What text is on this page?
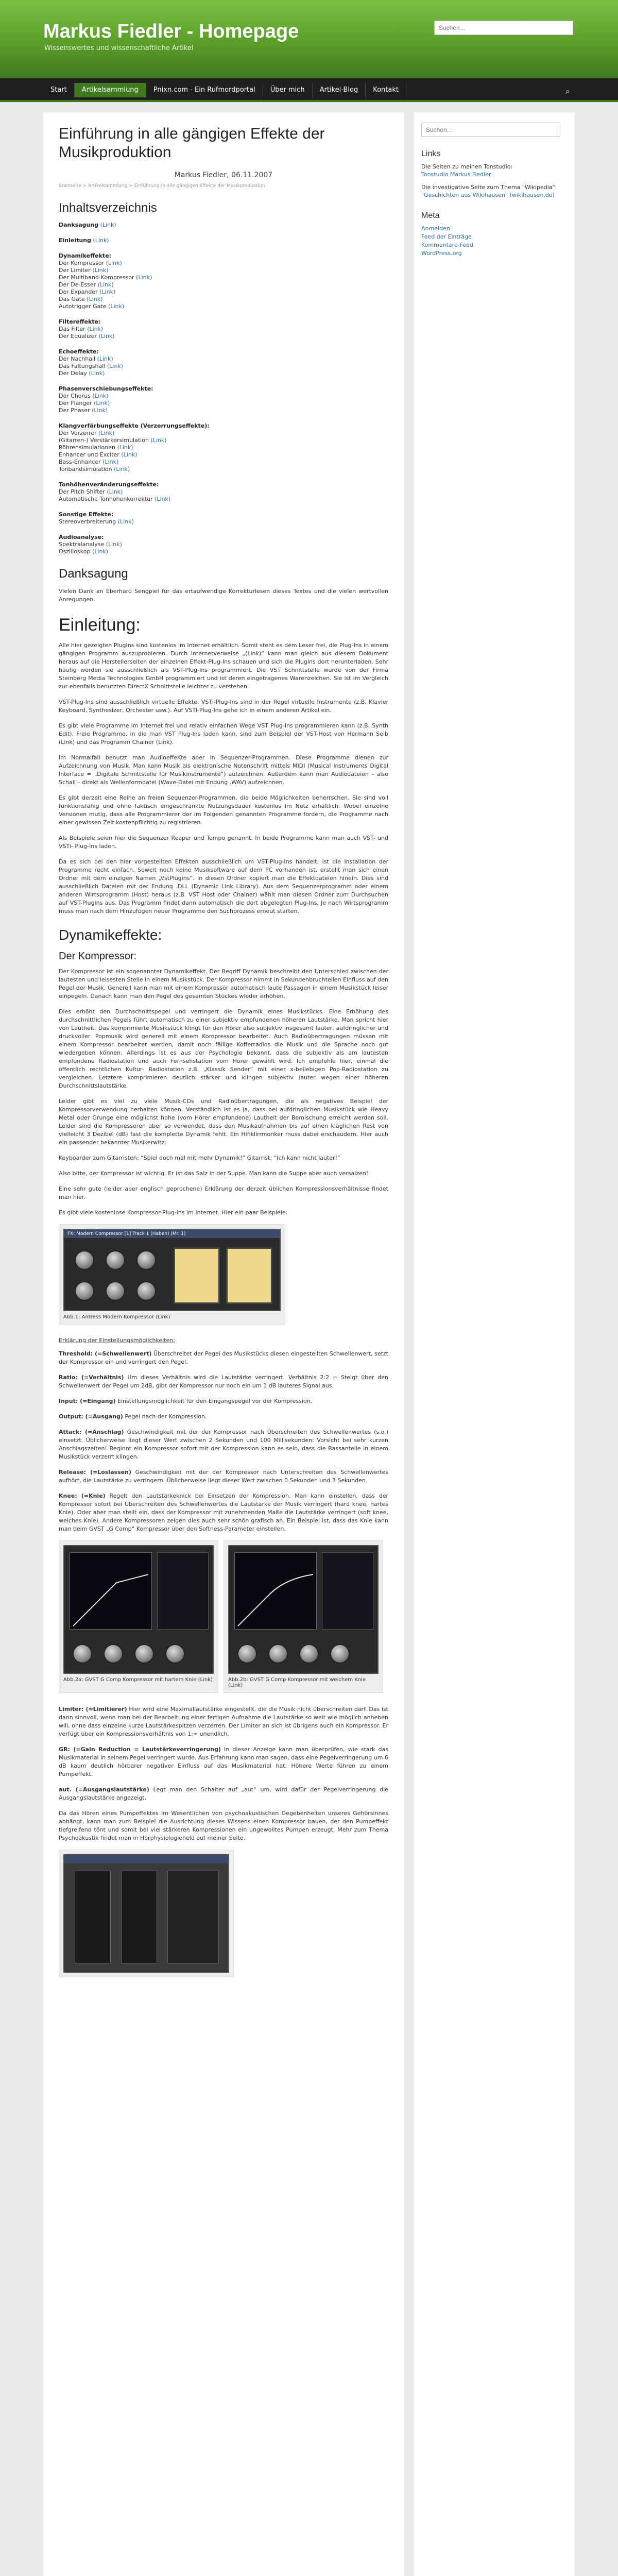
Markus Fiedler - Homepage
Wissenswertes und wissenschaftliche Artikel
Suchen…
Start	Artikelsammlung	Pnixn.com - Ein Rufmordportal	Über mich	Artikel-Blog	Kontakt	⌕
Einführung in alle gängigen Effekte der Musikproduktion
Markus Fiedler, 06.11.2007
Startseite > Artikelsammlung > Einführung in alle gängigen Effekte der Musikproduktion
Inhaltsverzeichnis
Danksagung (Link)
Einleitung (Link)
Dynamikeffekte:
Der Kompressor (Link)
Der Limiter (Link)
Der Multiband-Kompressor (Link)
Der De-Esser (Link)
Der Expander (Link)
Das Gate (Link)
Autotrigger Gate (Link)
Filtereffekte:
Das Filter (Link)
Der Equalizer (Link)
Echoeffekte:
Der Nachhall (Link)
Das Faltungshall (Link)
Der Delay (Link)
Phasenverschiebungseffekte:
Der Chorus (Link)
Der Flanger (Link)
Der Phaser (Link)
Klangverfärbungseffekte (Verzerrungseffekte):
Der Verzerrer (Link)
(Gitarren-) Verstärkersimulation (Link)
Röhrensimulationen (Link)
Enhancer und Exciter (Link)
Bass-Enhancer (Link)
Tonbandsimulation (Link)
Tonhöhenveränderungseffekte:
Der Pitch Shifter (Link)
Automatische Tonhöhenkorrektur (Link)
Sonstige Effekte:
Stereoverbreiterung (Link)
Audioanalyse:
Spektralanalyse (Link)
Oszilloskop (Link)
Danksagung

Vielen Dank an Eberhard Sengpiel für das ertaufwendige Korrekturlesen dieses Textes und die vielen wertvollen Anregungen.

Einleitung:

Alle hier gezeigten PlugIns sind kostenlos im Internet erhältlich. Somit steht es dem Leser frei, die Plug-Ins in einem gängigen Programm auszuprobieren. Durch Internetverweise „(Link)“ kann man gleich aus diesem Dokument heraus auf die Herstellerseiten der einzelnen Effekt-Plug-Ins schauen und sich die Plugins dort herunterladen. Sehr häufig werden sie ausschließlich als VST-Plug-Ins programmiert. Die VST Schnittstelle wurde von der Firma Steinberg Media Technologies GmbH programmiert und ist deren eingetragenes Warenzeichen. Sie ist im Vergleich zur ebenfalls benutzten DirectX Schnittstelle leichter zu verstehen.

VST-Plug-Ins sind ausschließlich virtuelle Effekte. VSTi-Plug-Ins sind in der Regel virtuelle Instrumente (z.B. Klavier Keyboard, Synthesizer, Orchester usw.). Auf VSTi-Plug-Ins gehe ich in einem anderen Artikel ein.

Es gibt viele Programme im Internet frei und relativ einfachen Wege VST Plug-Ins programmieren kann (z.B. Synth Edit). Freie Programme, in die man VST Plug-Ins laden kann, sind zum Beispiel der VST-Host von Hermann Seib (Link) und das Programm Chainer (Link).

Im Normalfall benutzt man AudioeffeKte aber in Sequenzer-Programmen. Diese Programme dienen zur Aufzeichnung von Musik. Man kann Musik als elektronische Notenschrift mittels MIDI (Musical Instruments Digital Interface = „Digitale Schnittstelle für Musikinstrumente“) aufzeichnen. Außerdem kann man Audiodateien – also Schall – direkt als Wellenformdatei (Wave-Datei mit Endung .WAV) aufzeichnen.

Es gibt derzeit eine Reihe an freien Sequenzer-Programmen, die beide Möglichkeiten beherrschen. Sie sind voll funktionsfähig und ohne faktisch eingeschränkte Nutzungsdauer kostenlos im Netz erhältlich. Wobei einzelne Versionen mutig, dass alle Programmierer der im Folgenden genannten Programme fordern, die Programme nach einer gewissen Zeit kostenpflichtig zu registrieren.

Als Beispiele seien hier die Sequenzer Reaper und Tempo genannt. In beide Programme kann man auch VST- und VSTi- Plug-Ins laden.

Da es sich bei den hier vorgestellten Effekten ausschließlich um VST-Plug-Ins handelt, ist die Installation der Programme recht einfach. Soweit noch keine Musiksoftware auf dem PC vorhanden ist, erstellt man sich einen Ordner mit dem einzigen Namen „VstPlugins“. In diesen Ordner kopiert man die Effektdateien hinein. Dies sind ausschließlich Dateien mit der Endung .DLL (Dynamic Link Library). Aus dem Sequenzerprogramm oder einem anderen Wirtsprogramm (Host) heraus (z.B. VST Host oder Chainer) wählt man diesen Ordner zum Durchsuchen auf VST-Plugins aus. Das Programm findet dann automatisch die dort abgelegten Plug-Ins. Je nach Wirtsprogramm muss man nach dem Hinzufügen neuer Programme den Suchprozess erneut starten.

Dynamikeffekte:
Der Kompressor:

Der Kompressor ist ein sogenannter Dynamikeffekt. Der Begriff Dynamik beschreibt den Unterschied zwischen der lautesten und leisesten Stelle in einem Musikstück. Der Kompressor nimmt in Sekundenbruchteilen Einfluss auf den Pegel der Musik. Generell kann man mit einem Kompressor automatisch laute Passagen in einem Musikstück leiser einpegeln. Danach kann man den Pegel des gesamten Stückes wieder erhöhen.

Dies erhöht den Durchschnittspegel und verringert die Dynamik eines Musikstücks. Eine Erhöhung des durchschnittlichen Pegels führt automatisch zu einer subjektiv empfundenen höheren Lautstärke. Man spricht hier von Lautheit. Das komprimierte Musikstück klingt für den Hörer also subjektiv insgesamt lauter, aufdringlicher und druckvoller. Popmusik wird generell mit einem Kompressor bearbeitet. Auch Radioübertragungen müssen mit einem Kompressor bearbeitet werden, damit noch fällige Kofferradios die Musik und die Sprache noch gut wiedergeben können. Allerdings ist es aus der Psychologie bekannt, dass die subjektiv als am lautesten empfundene Radiostation und auch Fernsehstation vom Hörer gewählt wird. Ich empfehle hier, einmal die öffentlich rechtlichen Kultur- Radiostation z.B. „Klassik Sender“ mit einer x-beliebigen Pop-Radiostation zu vergleichen. Letztere komprimieren deutlich stärker und klingen subjektiv lauter wegen einer höheren Durchschnittslautstärke.

Leider gibt es viel zu viele Musik-CDs und Radioübertragungen, die als negatives Beispiel der Kompressorverwendung herhalten können. Verständlich ist es ja, dass bei aufdringlichen Musikstück wie Heavy Metal oder Grunge eine möglichst hohe (vom Hörer empfundene) Lautheit der Bemischung erreicht werden soll. Leider sind die Kompressoren aber so verwendet, dass den Musikaufnahmen bis auf einen kläglichen Rest von vielleicht 3 Dezibel (dB) fast die komplette Dynamik fehlt. Ein Hifiklirrmonker muss dabei erschaudern. Hier auch ein passender bekannter Musikerwitz:

Keyboarder zum Gitarristen: “Spiel doch mal mit mehr Dynamik!” Gitarrist: “Ich kann nicht lauter!”

Also bitte, der Kompressor ist wichtig. Er ist das Salz in der Suppe. Man kann die Suppe aber auch versalzen!

Eine sehr gute (leider aber englisch geprochene) Erklärung der derzeit üblichen Kompressionsverhältnisse findet man hier.

Es gibt viele kostenlose Kompressor-Plug-Ins im Internet. Hier ein paar Beispiele:

FX: Modern Compressor [1] Track 1 (Haben) (Mr. 1)
Abb.1: Antress Modern Kompressor (Link)
Erklärung der Einstellungsmöglichkeiten:

Threshold: (=Schwellenwert) Überschreitet der Pegel des Musikstücks diesen eingestellten Schwellenwert, setzt der Kompressor ein und verringert den Pegel.

Ratio: (=Verhältnis) Um dieses Verhältnis wird die Lautstärke verringert. Verhältnis 2:2 = Steigt über den Schwellenwert der Pegel um 2dB, gibt der Kompressor nur noch ein um 1 dB lauteres Signal aus.

Input: (=Eingang) Einstellungsmöglichkeit für den Eingangspegel vor der Kompression.

Output: (=Ausgang) Pegel nach der Kompression.

Attack: (=Anschlag) Geschwindigkeit mit der der Kompressor nach Überschreiten des Schwellenwertes (s.o.) einsetzt. Üblicherweise liegt dieser Wert zwischen 2 Sekunden und 100 Millisekunden: Vorsicht bei sehr kurzen Anschlagszeiten! Beginnt ein Kompressor sofort mit der Kompression kann es sein, dass die Bassanteile in einem Musikstück verzerrt klingen.

Release: (=Loslassen) Geschwindigkeit mit der der Kompressor nach Unterschreiten des Schwellenwertes aufhört, die Lautstärke zu verringern. Üblicherweise liegt dieser Wert zwischen 0 Sekunden und 3 Sekunden.

Knee: (=Knie) Regelt den Lautstärkeknick bei Einsetzen der Kompression. Man kann einstellen, dass der Kompressor sofort bei Überschreiten des Schwellenwertes die Lautstärke der Musik verringert (hard knee, hartes Knie). Oder aber man stellt ein, dass der Kompressor mit zunehmenden Maße die Lautstärke verringert (soft knee, weiches Knie). Andere Kompressoren zeigen dies auch sehr schön grafisch an. Ein Beispiel ist, dass das Knie kann man beim GVST „G Comp“ Kompressor über den Softness-Parameter einstellen.

Abb.2a: GVST G Comp Kompressor mit hartem Knie (Link)	Abb.2b: GVST G Comp Kompressor mit weichem Knie (Link)

Limiter: (=Limitierer) Hier wird eine Maximallautstärke eingestellt, die die Musik nicht überschreiten darf. Das ist dann sinnvoll, wenn man bei der Bearbeitung einer fertigen Aufnahme die Lautstärke so weit wie möglich anheben will, ohne dass einzelne kurze Lautstärkespitzen verzerren. Der Limiter an sich ist übrigens auch ein Kompressor. Er verfügt über ein Kompressionsverhältnis von 1:∞ unendlich.

GR: (=Gain Reduction = Lautstärkeverringerung) In dieser Anzeige kann man überprüfen, wie stark das Musikmaterial in seinem Pegel verringert wurde. Aus Erfahrung kann man sagen, dass eine Pegelverringerung um 6 dB kaum deutlich hörbarer negativer Einfluss auf das Musikmaterial hat. Höhere Werte führen zu einem Pumpeffekt.

aut. (=Ausgangslautstärke) Legt man den Schalter auf „aut“ um, wird dafür der Pegelverringerung die Ausgangslautstärke angezeigt.

Da das Hören eines Pumpeffektes im Wesentlichen von psychoakustischen Gegebenheiten unseres Gehörsinnes abhängt, kann man zum Beispiel die Ausrichtung dieses Wissens einen Kompressor bauen, der den Pumpeffekt tiefgreifend tönt und somit bei viel stärkeren Kompressionen ein ungewolltes Pumpen erzeugt. Mehr zum Thema Psychoakustik findet man in Hörphysiologieheld auf meiner Seite.

Suchen…
Links
Die Seiten zu meinen Tonstudio:
Tonstudio Markus Fiedler
Die investigative Seite zum Thema "Wikipedia":
"Geschichten aus Wikihausen" (wikihausen.de)
Meta
Anmelden
Feed der Einträge
Kommentare-Feed
WordPress.org
